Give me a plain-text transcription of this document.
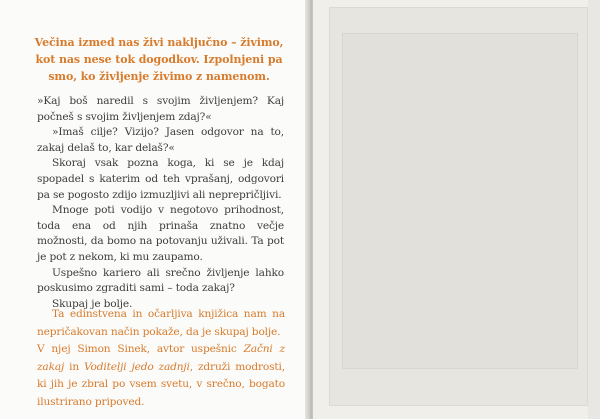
Večina izmed nas živi naključno – živimo,
kot nas nese tok dogodkov. Izpolnjeni pa
smo, ko življenje živimo z namenom.

»Kaj boš naredil s svojim življenjem? Kaj počneš s svojim življenjem zdaj?«

»Imaš cilje? Vizijo? Jasen odgovor na to, zakaj delaš to, kar delaš?«

Skoraj vsak pozna koga, ki se je kdaj spopadel s katerim od teh vprašanj, odgovori pa se pogosto zdijo izmuzljivi ali neprepričljivi.

Mnoge poti vodijo v negotovo prihodnost, toda ena od njih prinaša znatno večje možnosti, da bomo na potovanju uživali. Ta pot je pot z nekom, ki mu zaupamo.

Uspešno kariero ali srečno življenje lahko poskusimo zgraditi sami – toda zakaj?

Skupaj je bolje.

Ta edinstvena in očarljiva knjižica nam na nepričakovan način pokaže, da je skupaj bolje.

V njej Simon Sinek, avtor uspešnic Začni z zakaj in Voditelji jedo zadnji, združi modrosti, ki jih je zbral po vsem svetu, v srečno, bogato ilustrirano pripoved.
